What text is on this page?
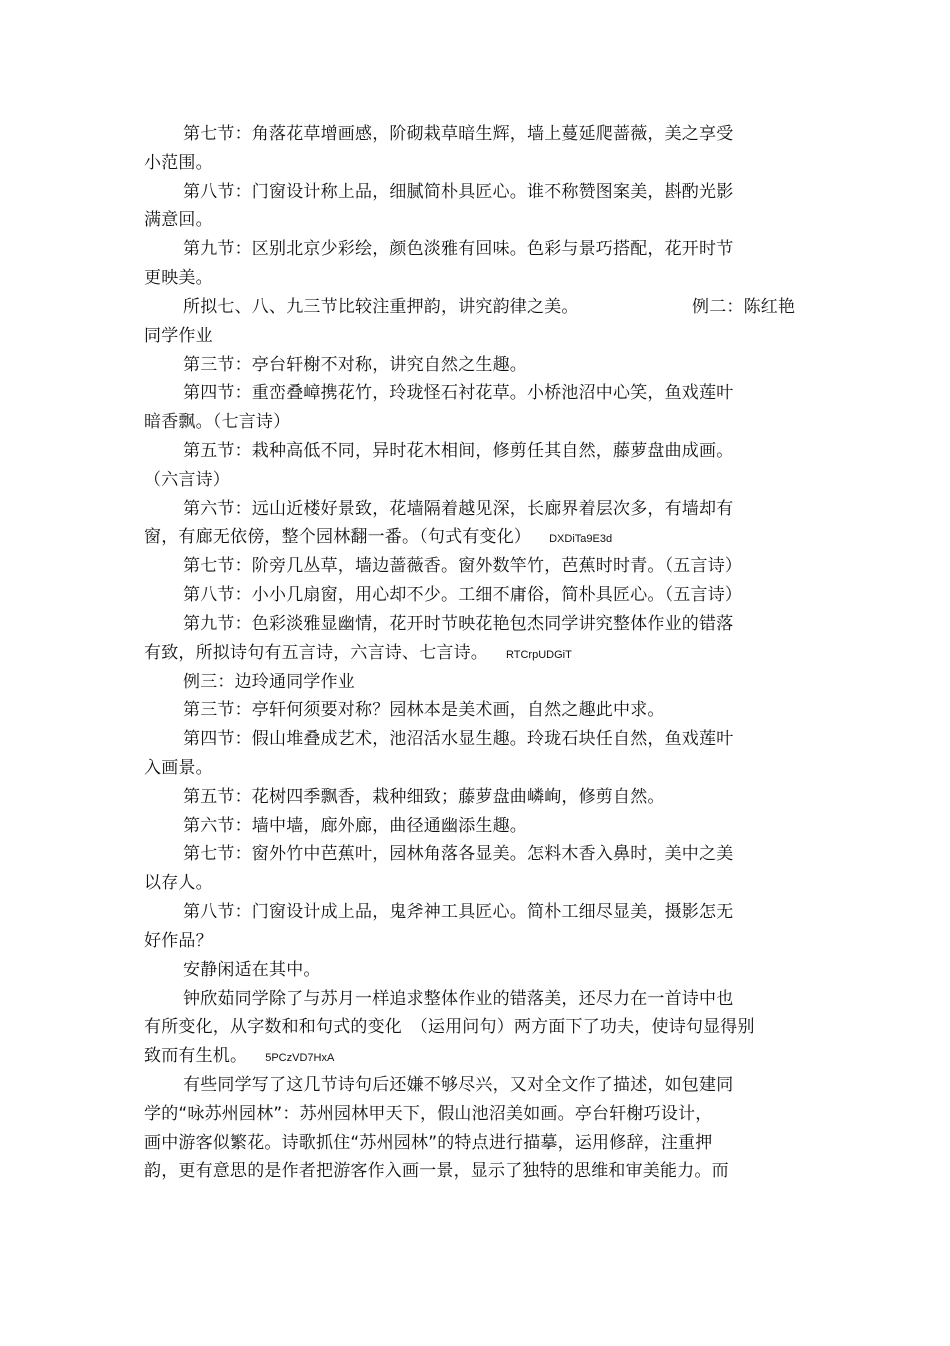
第七节：角落花草增画感，阶砌栽草暗生辉，墙上蔓延爬蔷薇，美之享受
小范围。
第八节：门窗设计称上品，细腻简朴具匠心。谁不称赞图案美，斟酌光影
满意回。
第九节：区别北京少彩绘，颜色淡雅有回味。色彩与景巧搭配，花开时节
更映美。
所拟七、八、九三节比较注重押韵，讲究韵律之美。	例二：陈红艳
同学作业
第三节：亭台轩榭不对称，讲究自然之生趣。
第四节：重峦叠嶂携花竹，玲珑怪石衬花草。小桥池沼中心笑，鱼戏莲叶
暗香飘。（七言诗）
第五节：栽种高低不同，异时花木相间，修剪任其自然，藤萝盘曲成画。
（六言诗）
第六节：远山近楼好景致，花墙隔着越见深，长廊界着层次多，有墙却有
窗，有廊无依傍，整个园林翻一番。（句式有变化） DXDiTa9E3d
第七节：阶旁几丛草，墙边蔷薇香。窗外数竿竹，芭蕉时时青。（五言诗）
第八节：小小几扇窗，用心却不少。工细不庸俗，简朴具匠心。（五言诗）
第九节：色彩淡雅显幽情，花开时节映花艳包杰同学讲究整体作业的错落
有致，所拟诗句有五言诗，六言诗、七言诗。 RTCrpUDGiT
例三：边玲通同学作业
第三节：亭轩何须要对称？园林本是美术画，自然之趣此中求。
第四节：假山堆叠成艺术，池沼活水显生趣。玲珑石块任自然，鱼戏莲叶
入画景。
第五节：花树四季飘香，栽种细致；藤萝盘曲嶙峋，修剪自然。
第六节：墙中墙，廊外廊，曲径通幽添生趣。
第七节：窗外竹中芭蕉叶，园林角落各显美。怎料木香入鼻时，美中之美
以存人。
第八节：门窗设计成上品，鬼斧神工具匠心。简朴工细尽显美，摄影怎无
好作品？
安静闲适在其中。
钟欣茹同学除了与苏月一样追求整体作业的错落美，还尽力在一首诗中也
有所变化，从字数和和句式的变化　（运用问句）两方面下了功夫，使诗句显得别
致而有生机。 5PCzVD7HxA
有些同学写了这几节诗句后还嫌不够尽兴，又对全文作了描述，如包建同
学的“咏苏州园林”：苏州园林甲天下，假山池沼美如画。亭台轩榭巧设计，
画中游客似繁花。诗歌抓住“苏州园林”的特点进行描摹，运用修辞，注重押
韵，更有意思的是作者把游客作入画一景，显示了独特的思维和审美能力。而
